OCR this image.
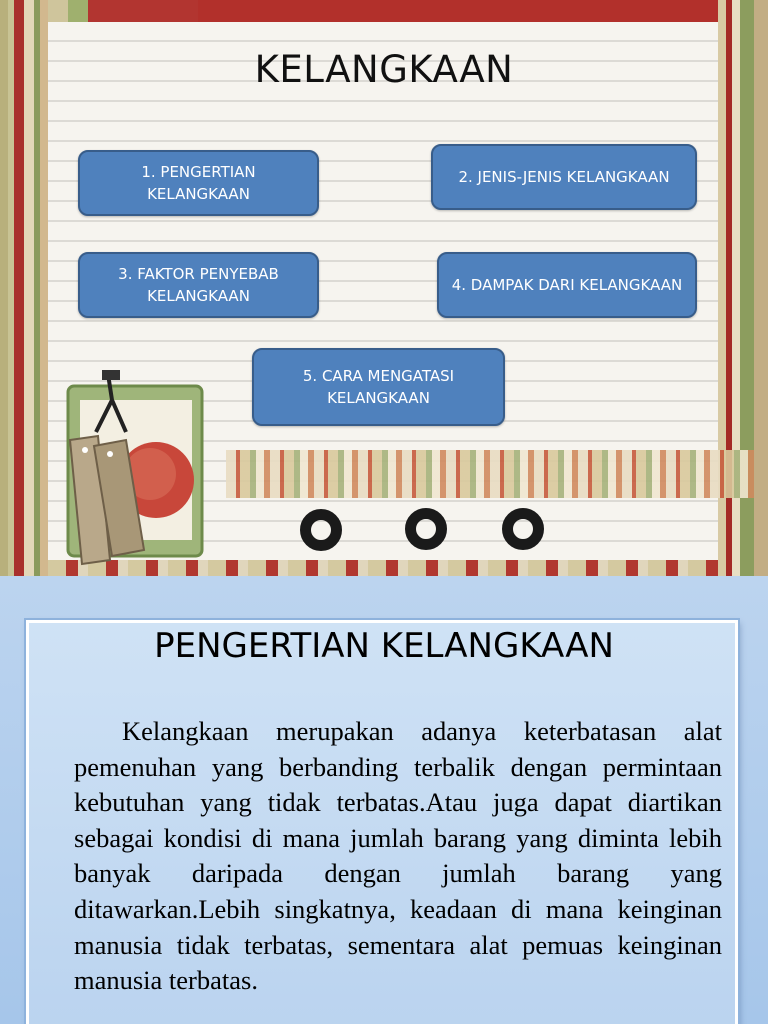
KELANGKAAN
1. PENGERTIAN KELANGKAAN
2. JENIS-JENIS KELANGKAAN
3. FAKTOR PENYEBAB KELANGKAAN
4. DAMPAK DARI KELANGKAAN
5. CARA MENGATASI KELANGKAAN
PENGERTIAN KELANGKAAN

Kelangkaan merupakan adanya keterbatasan alat pemenuhan yang berbanding terbalik dengan permintaan kebutuhan yang tidak terbatas.Atau juga dapat diartikan sebagai kondisi di mana jumlah barang yang diminta lebih banyak daripada dengan jumlah barang yang ditawarkan.Lebih singkatnya, keadaan di mana keinginan manusia tidak terbatas, sementara alat pemuas keinginan manusia terbatas.
